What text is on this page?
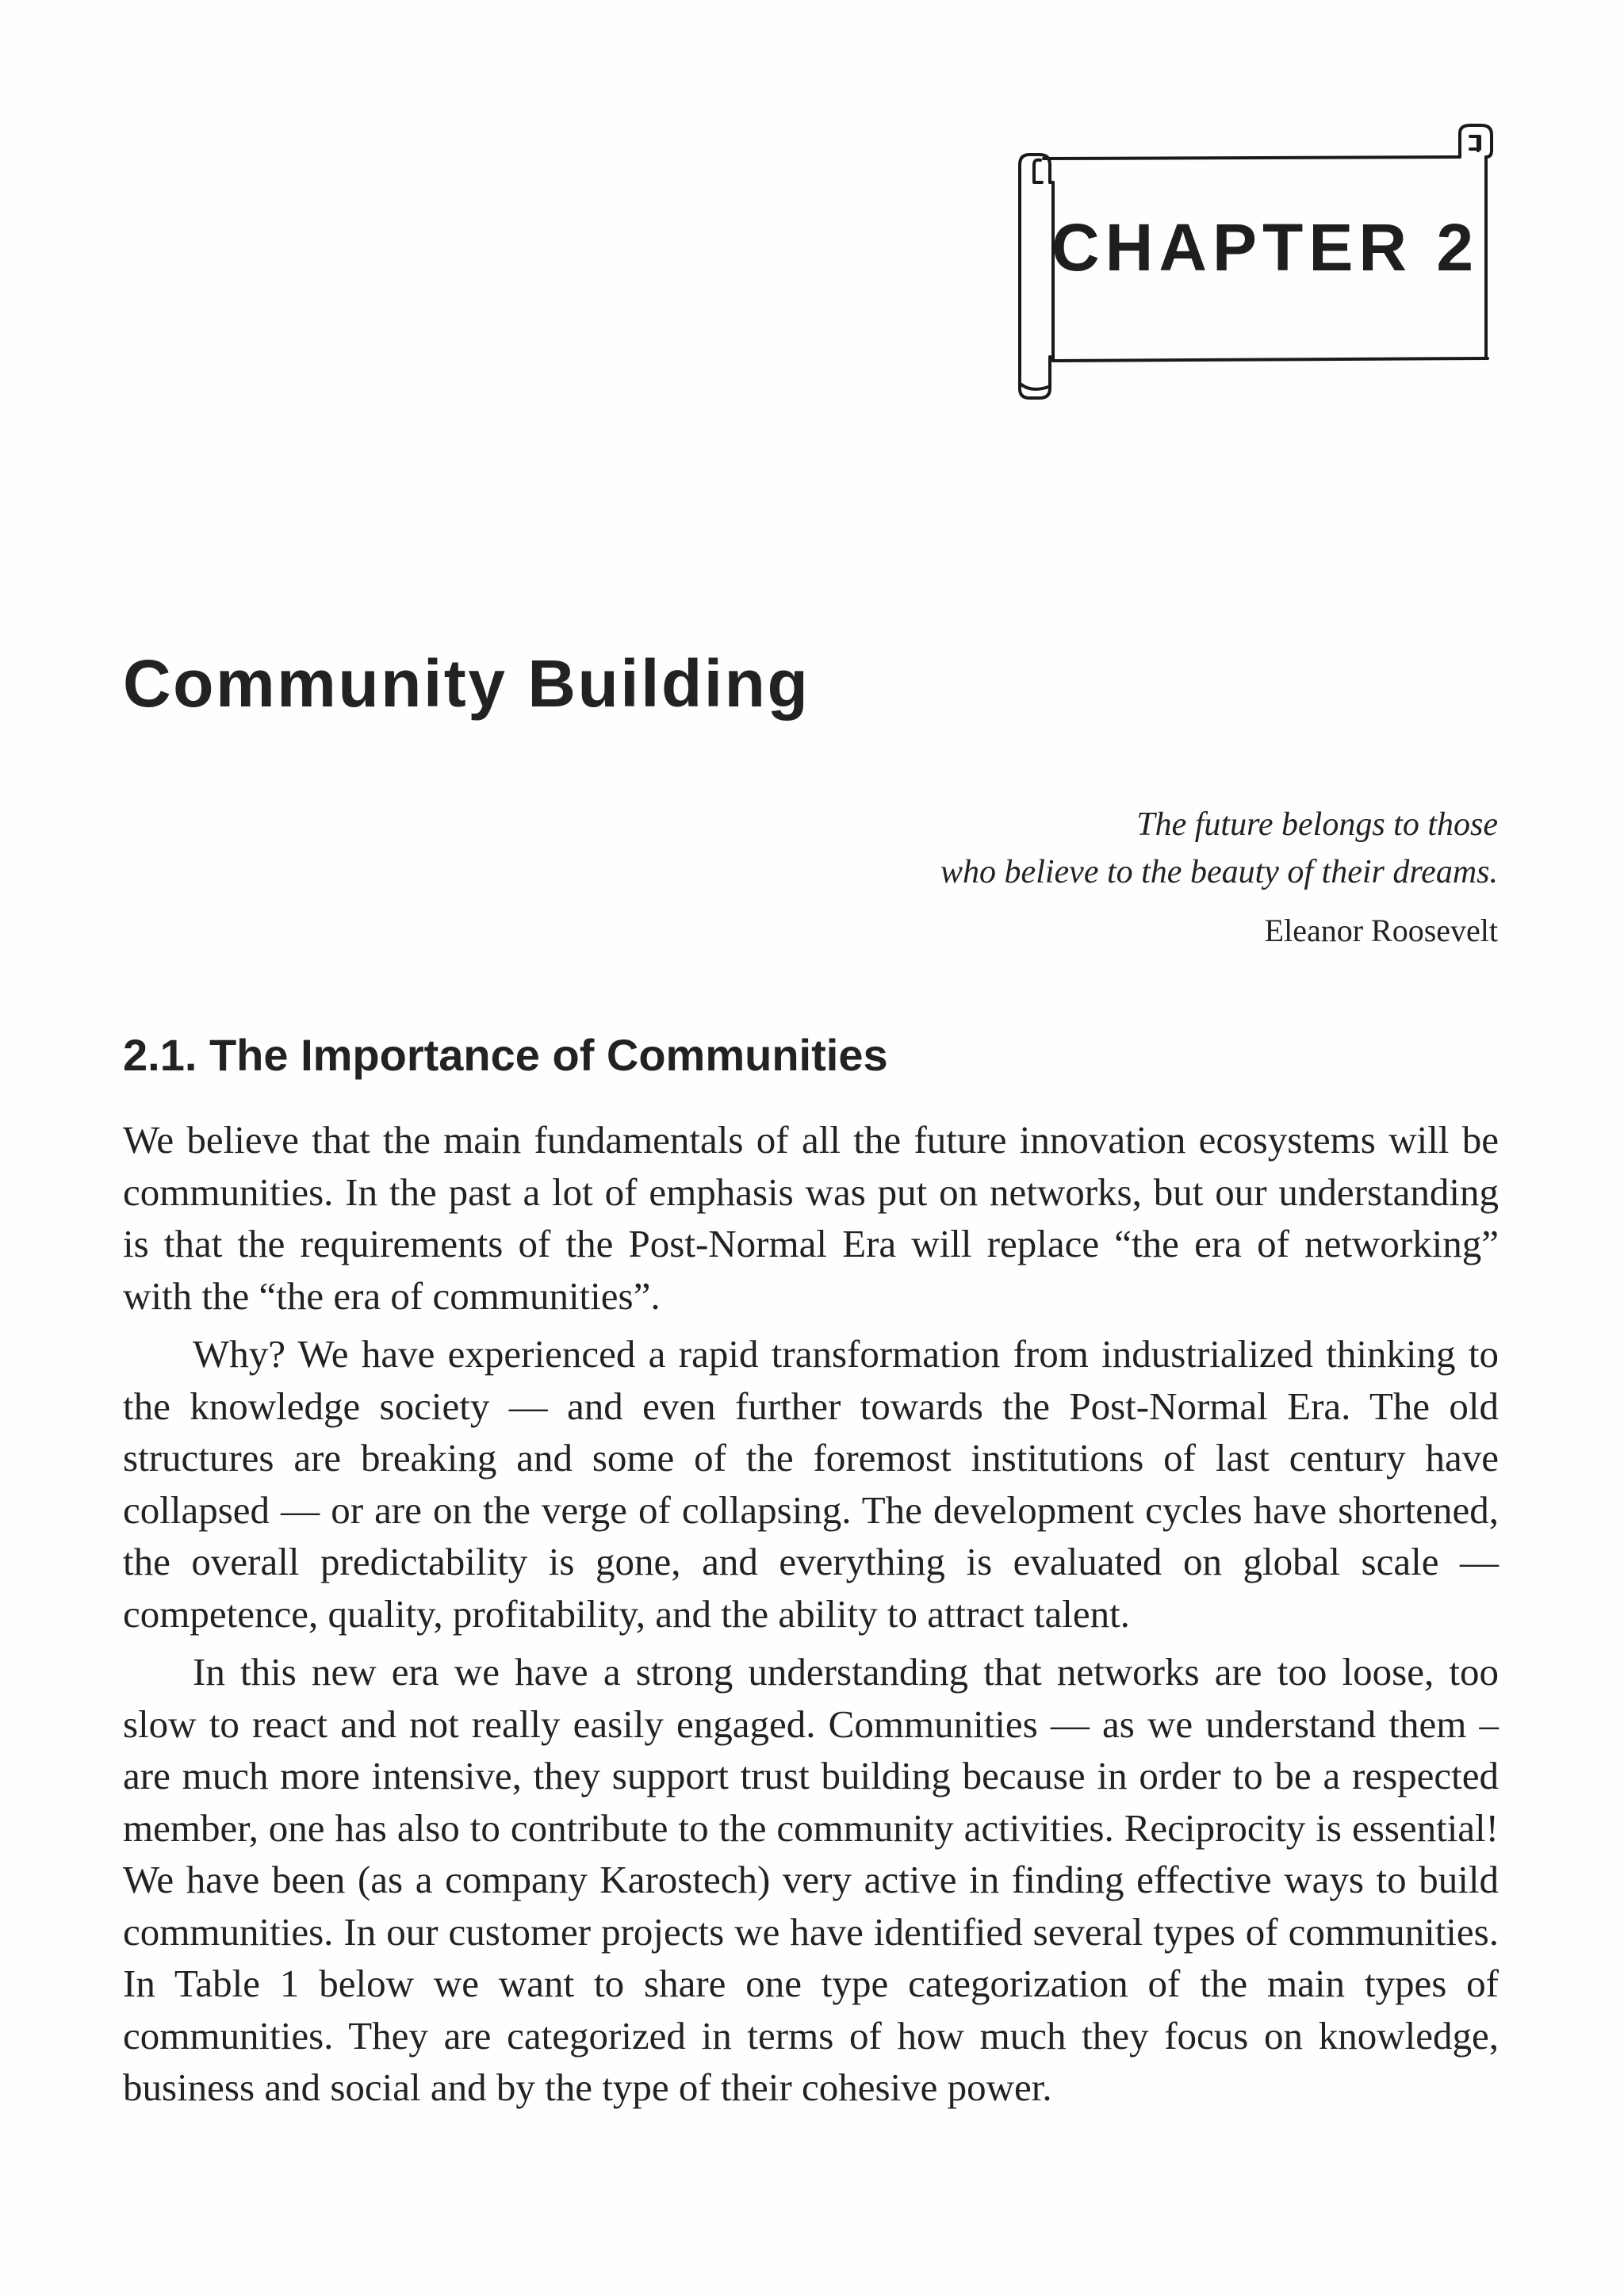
CHAPTER 2
Community Building
The future belongs to those
who believe to the beauty of their dreams.
Eleanor Roosevelt
2.1. The Importance of Communities

We believe that the main fundamentals of all the future innovation ecosystems will be communities. In the past a lot of emphasis was put on networks, but our understanding is that the requirements of the Post-Normal Era will replace “the era of networking” with the “the era of communities”.

Why? We have experienced a rapid transformation from industrialized thinking to the knowledge society — and even further towards the Post-Normal Era. The old structures are breaking and some of the foremost institutions of last century have collapsed — or are on the verge of collapsing. The development cycles have shortened, the overall predictability is gone, and everything is evaluated on global scale — competence, quality, profitability, and the ability to attract talent.

In this new era we have a strong understanding that networks are too loose, too slow to react and not really easily engaged. Communities — as we understand them – are much more intensive, they support trust building because in order to be a respected member, one has also to contribute to the community activities. Reciprocity is essential! We have been (as a company Karostech) very active in finding effective ways to build communities. In our customer projects we have identified several types of communities. In Table 1 below we want to share one type categorization of the main types of communities. They are categorized in terms of how much they focus on knowledge, business and social and by the type of their cohesive power.
